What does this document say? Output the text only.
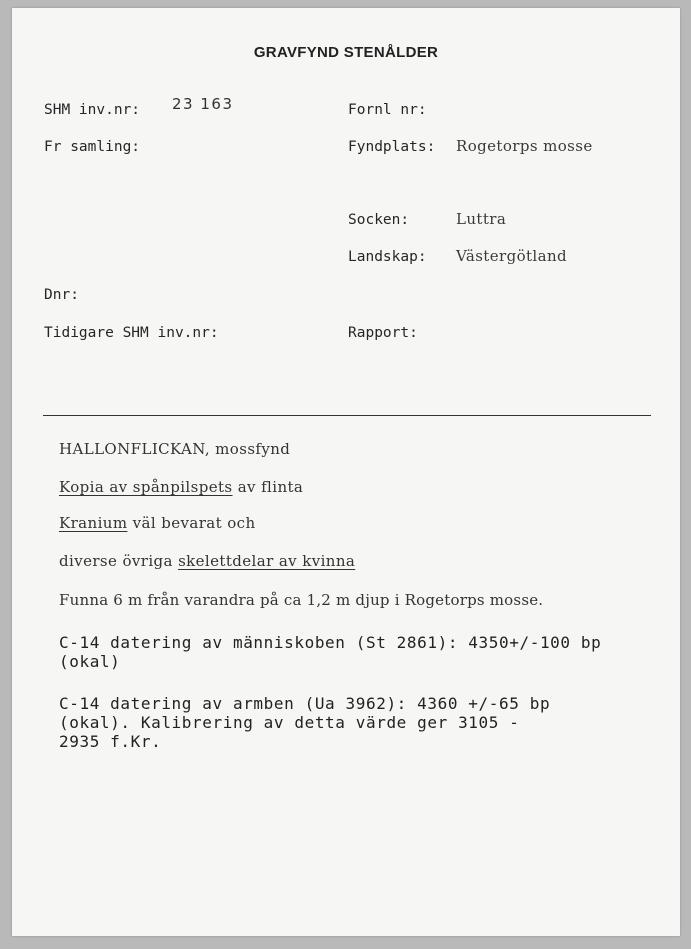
GRAVFYND STENÅLDER
SHM inv.nr: 23 163
Fr samling:
Dnr:
Tidigare SHM inv.nr:
Fornl nr:
Fyndplats: Rogetorps mosse
Socken:	Luttra
Landskap: Västergötland
Rapport:
HALLONFLICKAN, mossfynd
Kopia av spånpilspets av flinta
Kranium väl bevarat och
diverse övriga skelettdelar av kvinna
Funna 6 m från varandra på ca 1,2 m djup i Rogetorps mosse.
C-14 datering av människoben (St 2861): 4350+/-100 bp
(okal)
C-14 datering av armben (Ua 3962): 4360 +/-65 bp
(okal). Kalibrering av detta värde ger 3105 -
2935 f.Kr.
